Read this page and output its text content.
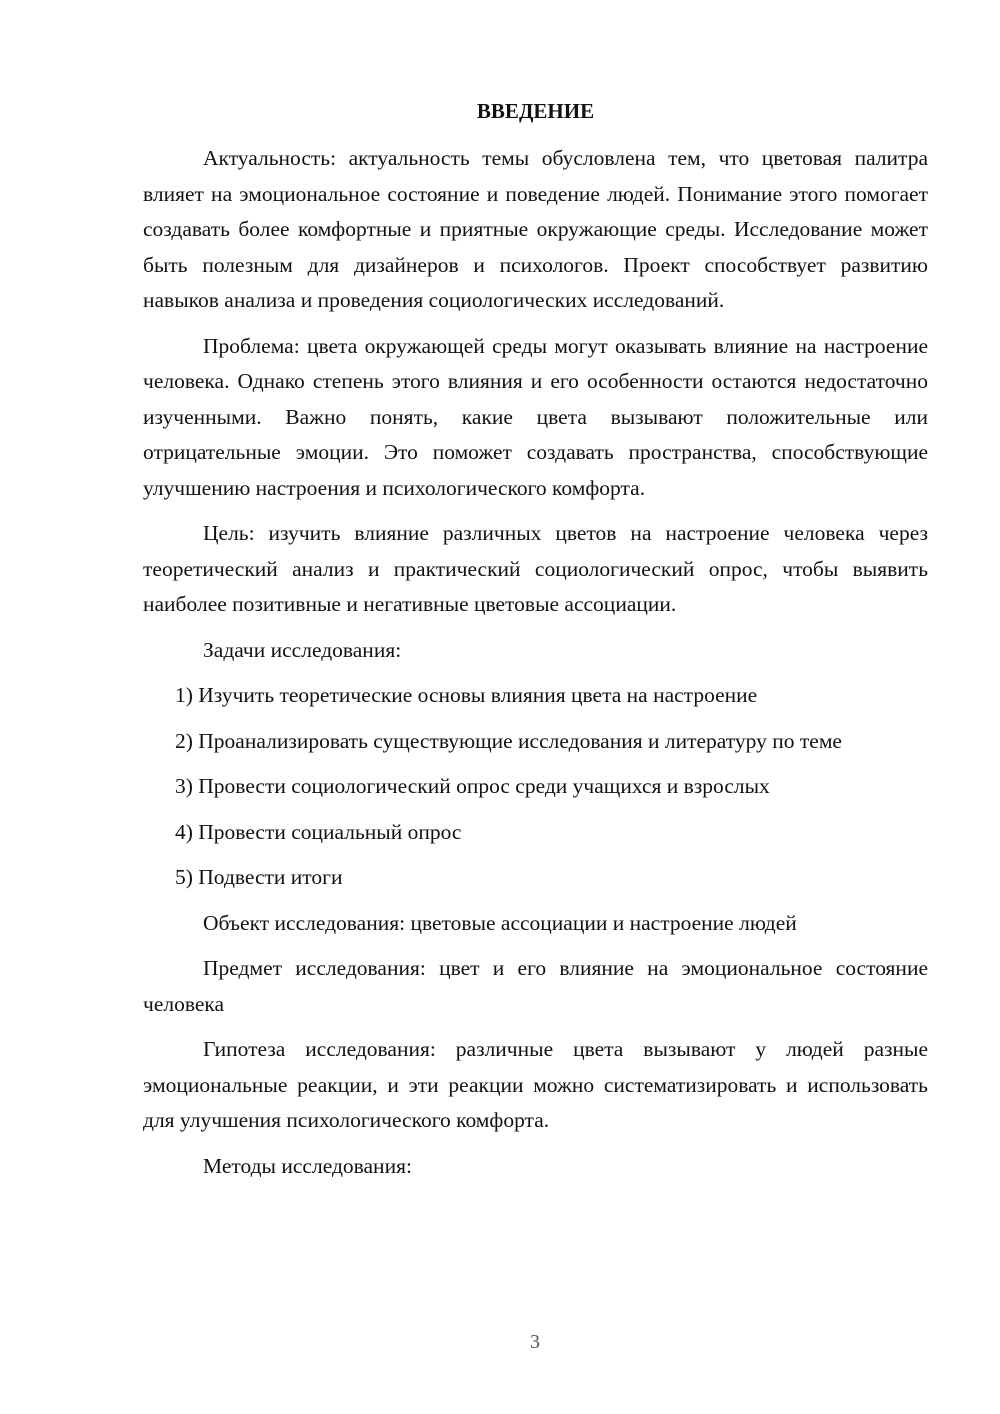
ВВЕДЕНИЕ

Актуальность: актуальность темы обусловлена тем, что цветовая палитра влияет на эмоциональное состояние и поведение людей. Понимание этого помогает создавать более комфортные и приятные окружающие среды. Исследование может быть полезным для дизайнеров и психологов. Проект способствует развитию навыков анализа и проведения социологических исследований.

Проблема: цвета окружающей среды могут оказывать влияние на настроение человека. Однако степень этого влияния и его особенности остаются недостаточно изученными. Важно понять, какие цвета вызывают положительные или отрицательные эмоции. Это поможет создавать пространства, способствующие улучшению настроения и психологического комфорта.

Цель: изучить влияние различных цветов на настроение человека через теоретический анализ и практический социологический опрос, чтобы выявить наиболее позитивные и негативные цветовые ассоциации.

Задачи исследования:

1) Изучить теоретические основы влияния цвета на настроение

2) Проанализировать существующие исследования и литературу по теме

3) Провести социологический опрос среди учащихся и взрослых

4) Провести социальный опрос

5) Подвести итоги

Объект исследования: цветовые ассоциации и настроение людей

Предмет исследования: цвет и его влияние на эмоциональное состояние человека

Гипотеза исследования: различные цвета вызывают у людей разные эмоциональные реакции, и эти реакции можно систематизировать и использовать для улучшения психологического комфорта.

Методы исследования:

3
